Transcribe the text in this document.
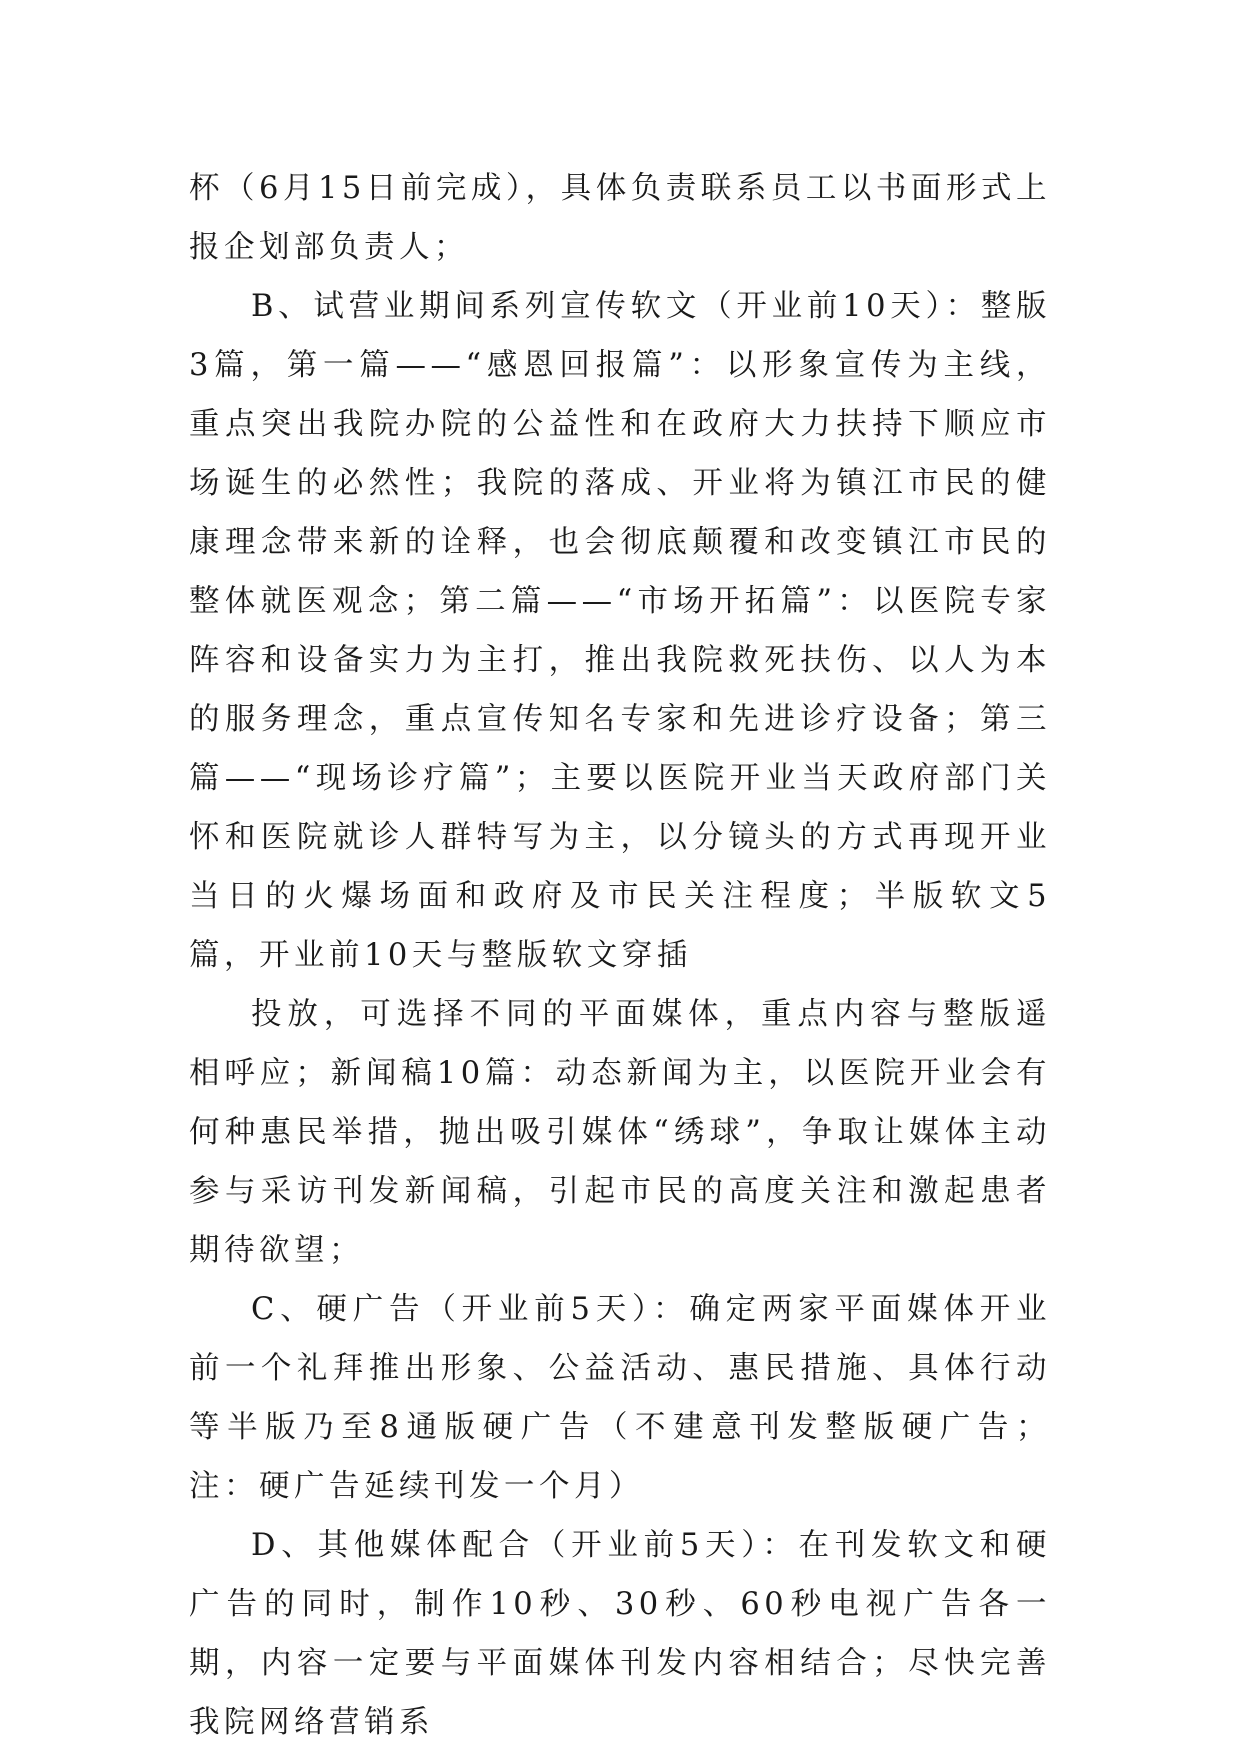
杯（6月15日前完成），具体负责联系员工以书面形式上报企划部负责人；

B、试营业期间系列宣传软文（开业前10天）：整版3篇，第一篇——“感恩回报篇”：以形象宣传为主线，重点突出我院办院的公益性和在政府大力扶持下顺应市场诞生的必然性；我院的落成、开业将为镇江市民的健康理念带来新的诠释，也会彻底颠覆和改变镇江市民的整体就医观念；第二篇——“市场开拓篇”：以医院专家阵容和设备实力为主打，推出我院救死扶伤、以人为本的服务理念，重点宣传知名专家和先进诊疗设备；第三篇——“现场诊疗篇”；主要以医院开业当天政府部门关怀和医院就诊人群特写为主，以分镜头的方式再现开业当日的火爆场面和政府及市民关注程度；半版软文5篇，开业前10天与整版软文穿插

投放，可选择不同的平面媒体，重点内容与整版遥相呼应；新闻稿10篇：动态新闻为主，以医院开业会有何种惠民举措，抛出吸引媒体“绣球”，争取让媒体主动参与采访刊发新闻稿，引起市民的高度关注和激起患者期待欲望；

C、硬广告（开业前5天）：确定两家平面媒体开业前一个礼拜推出形象、公益活动、惠民措施、具体行动等半版乃至8通版硬广告（不建意刊发整版硬广告；注：硬广告延续刊发一个月）

D、其他媒体配合（开业前5天）：在刊发软文和硬广告的同时，制作10秒、30秒、60秒电视广告各一期，内容一定要与平面媒体刊发内容相结合；尽快完善我院网络营销系
